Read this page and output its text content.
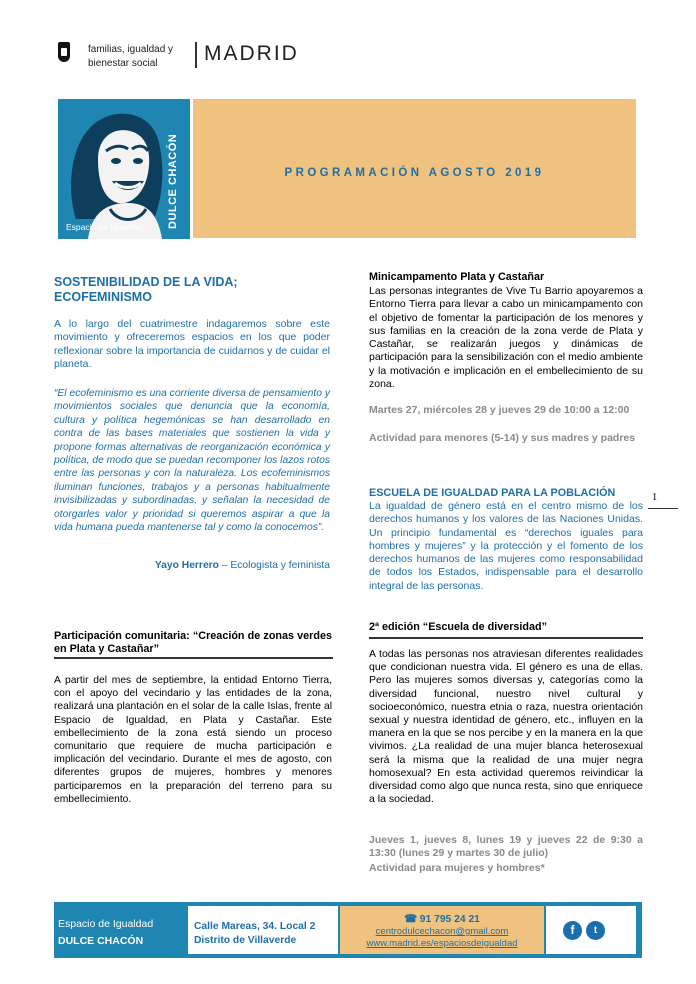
familias, igualdad y
bienestar social MADRID
DULCE CHACÓN
Espacio de Igualdad
PROGRAMACIÓN AGOSTO 2019
SOSTENIBILIDAD DE LA VIDA; ECOFEMINISMO
A lo largo del cuatrimestre indagaremos sobre este movimiento y ofreceremos espacios en los que poder reflexionar sobre la importancia de cuidarnos y de cuidar el planeta.
“El ecofeminismo es una corriente diversa de pensamiento y movimientos sociales que denuncia que la economía, cultura y política hegemónicas se han desarrollado en contra de las bases materiales que sostienen la vida y propone formas alternativas de reorganización económica y política, de modo que se puedan recomponer los lazos rotos entre las personas y con la naturaleza. Los ecofeminismos iluminan funciones, trabajos y a personas habitualmente invisibilizadas y subordinadas, y señalan la necesidad de otorgarles valor y prioridad si queremos aspirar a que la vida humana pueda mantenerse tal y como la conocemos”.
Yayo Herrero – Ecologista y feminista
Participación comunitaria: “Creación de zonas verdes en Plata y Castañar”
A partir del mes de septiembre, la entidad Entorno Tierra, con el apoyo del vecindario y las entidades de la zona, realizará una plantación en el solar de la calle Islas, frente al Espacio de Igualdad, en Plata y Castañar. Este embellecimiento de la zona está siendo un proceso comunitario que requiere de mucha participación e implicación del vecindario. Durante el mes de agosto, con diferentes grupos de mujeres, hombres y menores participaremos en la preparación del terreno para su embellecimiento.
Minicampamento Plata y Castañar
Las personas integrantes de Vive Tu Barrio apoyaremos a Entorno Tierra para llevar a cabo un minicampamento con el objetivo de fomentar la participación de los menores y sus familias en la creación de la zona verde de Plata y Castañar, se realizarán juegos y dinámicas de participación para la sensibilización con el medio ambiente y la motivación e implicación en el embellecimiento de su zona.
Martes 27, miércoles 28 y jueves 29 de 10:00 a 12:00
Actividad para menores (5-14) y sus madres y padres
ESCUELA DE IGUALDAD PARA LA POBLACIÓN
La igualdad de género está en el centro mismo de los derechos humanos y los valores de las Naciones Unidas. Un principio fundamental es “derechos iguales para hombres y mujeres” y la protección y el fomento de los derechos humanos de las mujeres como responsabilidad de todos los Estados, indispensable para el desarrollo integral de las personas.
1
2ª edición “Escuela de diversidad”
A todas las personas nos atraviesan diferentes realidades que condicionan nuestra vida. El género es una de ellas. Pero las mujeres somos diversas y, categorías como la diversidad funcional, nuestro nivel cultural y socioeconómico, nuestra etnia o raza, nuestra orientación sexual y nuestra identidad de género, etc., influyen en la manera en la que se nos percibe y en la manera en la que vivimos. ¿La realidad de una mujer blanca heterosexual será la misma que la realidad de una mujer negra homosexual? En esta actividad queremos reivindicar la diversidad como algo que nunca resta, sino que enriquece a la sociedad.
Jueves 1, jueves 8, lunes 19 y jueves 22 de 9:30 a 13:30 (lunes 29 y martes 30 de julio)
Actividad para mujeres y hombres*
Espacio de Igualdad
DULCE CHACÓN
Calle Mareas, 34. Local 2
Distrito de Villaverde
☎ 91 795 24 21
centrodulcechacon@gmail.com
www.madrid.es/espaciosdeigualdad
f	t
